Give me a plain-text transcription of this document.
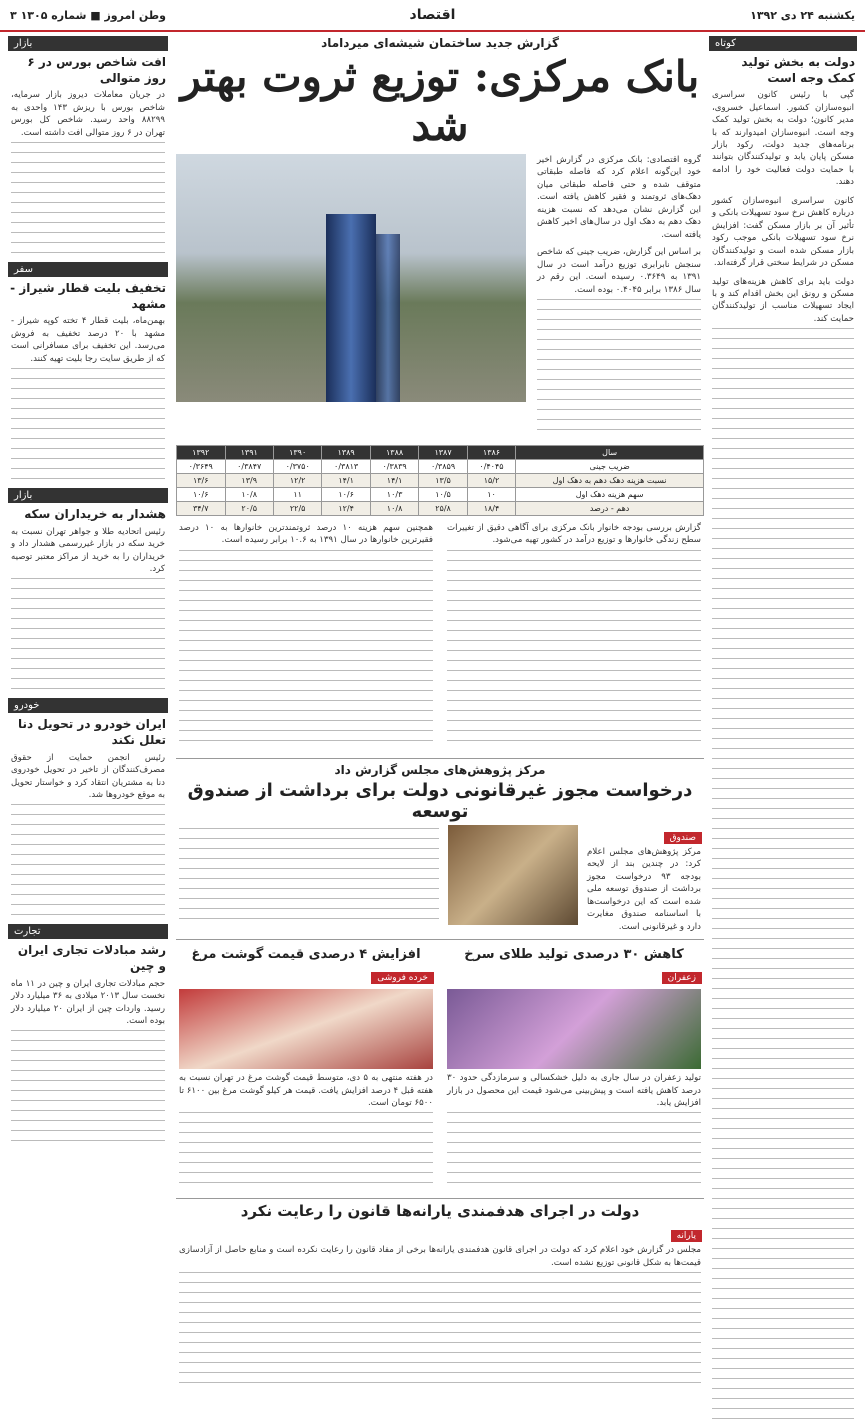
یکشنبه ۲۴ دی ۱۳۹۲
اقتصاد
وطن امروز ■ شماره ۱۳۰۵ ۳
کوتاه
دولت به بخش تولید کمک وجه است
گپی با رئیس کانون سراسری انبوه‌سازان کشور. اسماعیل خسروی، مدیر کانون؛ دولت به بخش تولید کمک وجه است. انبوه‌سازان امیدوارند که با برنامه‌های جدید دولت، رکود بازار مسکن پایان یابد و تولیدکنندگان بتوانند با حمایت دولت فعالیت خود را ادامه دهند.
کانون سراسری انبوه‌سازان کشور درباره کاهش نرخ سود تسهیلات بانکی و تأثیر آن بر بازار مسکن گفت: افزایش نرخ سود تسهیلات بانکی موجب رکود بازار مسکن شده است و تولیدکنندگان مسکن در شرایط سختی قرار گرفته‌اند.
دولت باید برای کاهش هزینه‌های تولید مسکن و رونق این بخش اقدام کند و با ایجاد تسهیلات مناسب از تولیدکنندگان حمایت کند.
بازار
افت شاخص بورس در ۶ روز متوالی
در جریان معاملات دیروز بازار سرمایه، شاخص بورس با ریزش ۱۴۳ واحدی به ۸۸۲۹۹ واحد رسید. شاخص کل بورس تهران در ۶ روز متوالی افت داشته است.
سفر
تخفیف بلیت قطار شیراز - مشهد
بهمن‌ماه، بلیت قطار ۴ تخته کوپه شیراز - مشهد با ۲۰ درصد تخفیف به فروش می‌رسد. این تخفیف برای مسافرانی است که از طریق سایت رجا بلیت تهیه کنند.
بازار
هشدار به خریداران سکه
رئیس اتحادیه طلا و جواهر تهران نسبت به خرید سکه در بازار غیررسمی هشدار داد و خریداران را به خرید از مراکز معتبر توصیه کرد.
خودرو
ایران خودرو در تحویل دنا تعلل نکند
رئیس انجمن حمایت از حقوق مصرف‌کنندگان از تاخیر در تحویل خودروی دنا به مشتریان انتقاد کرد و خواستار تحویل به موقع خودروها شد.
تجارت
رشد مبادلات تجاری ایران و چین
حجم مبادلات تجاری ایران و چین در ۱۱ ماه نخست سال ۲۰۱۳ میلادی به ۳۶ میلیارد دلار رسید. واردات چین از ایران ۲۰ میلیارد دلار بوده است.
گزارش جدید ساختمان شیشه‌ای میرداماد
بانک مرکزی: توزیع ثروت بهتر شد
گروه اقتصادی: بانک مرکزی در گزارش اخیر خود این‌گونه اعلام کرد که فاصله طبقاتی متوقف شده و حتی فاصله طبقاتی میان دهک‌های ثروتمند و فقیر کاهش یافته است. این گزارش نشان می‌دهد که نسبت هزینه دهک دهم به دهک اول در سال‌های اخیر کاهش یافته است.
بر اساس این گزارش، ضریب جینی که شاخص سنجش نابرابری توزیع درآمد است در سال ۱۳۹۱ به ۰.۳۶۴۹ رسیده است. این رقم در سال ۱۳۸۶ برابر ۰.۴۰۴۵ بوده است.
سال	۱۳۸۶	۱۳۸۷	۱۳۸۸	۱۳۸۹	۱۳۹۰	۱۳۹۱	۱۳۹۲
ضریب جینی	۰/۴۰۴۵	۰/۳۸۵۹	۰/۳۸۳۹	۰/۳۸۱۳	۰/۳۷۵۰	۰/۳۸۴۷	۰/۳۶۴۹
نسبت هزینه دهک دهم به دهک اول	۱۵/۲	۱۳/۵	۱۴/۱	۱۴/۱	۱۲/۲	۱۳/۹	۱۳/۶
سهم هزینه دهک اول	۱۰	۱۰/۵	۱۰/۳	۱۰/۶	۱۱	۱۰/۸	۱۰/۶
دهم - درصد	۱۸/۴	۲۵/۸	۱۰/۸	۱۲/۴	۲۲/۵	۲۰/۵	۳۴/۷
گزارش بررسی بودجه خانوار بانک مرکزی برای آگاهی دقیق از تغییرات سطح زندگی خانوارها و توزیع درآمد در کشور تهیه می‌شود.
همچنین سهم هزینه ۱۰ درصد ثروتمندترین خانوارها به ۱۰ درصد فقیرترین خانوارها در سال ۱۳۹۱ به ۱۰.۶ برابر رسیده است.
مرکز پژوهش‌های مجلس گزارش داد
درخواست مجوز غیرقانونی دولت برای برداشت از صندوق توسعه
صندوق
مرکز پژوهش‌های مجلس اعلام کرد: در چندین بند از لایحه بودجه ۹۳ درخواست مجوز برداشت از صندوق توسعه ملی شده است که این درخواست‌ها با اساسنامه صندوق مغایرت دارد و غیرقانونی است.
کاهش ۳۰ درصدی تولید طلای سرخ
زعفران
تولید زعفران در سال جاری به دلیل خشکسالی و سرمازدگی حدود ۳۰ درصد کاهش یافته است و پیش‌بینی می‌شود قیمت این محصول در بازار افزایش یابد.
افزایش ۴ درصدی قیمت گوشت مرغ
خرده فروشی
در هفته منتهی به ۵ دی، متوسط قیمت گوشت مرغ در تهران نسبت به هفته قبل ۴ درصد افزایش یافت. قیمت هر کیلو گوشت مرغ بین ۶۱۰۰ تا ۶۵۰۰ تومان است.
دولت در اجرای هدفمندی یارانه‌ها قانون را رعایت نکرد
یارانه
مجلس در گزارش خود اعلام کرد که دولت در اجرای قانون هدفمندی یارانه‌ها برخی از مفاد قانون را رعایت نکرده است و منابع حاصل از آزادسازی قیمت‌ها به شکل قانونی توزیع نشده است.
